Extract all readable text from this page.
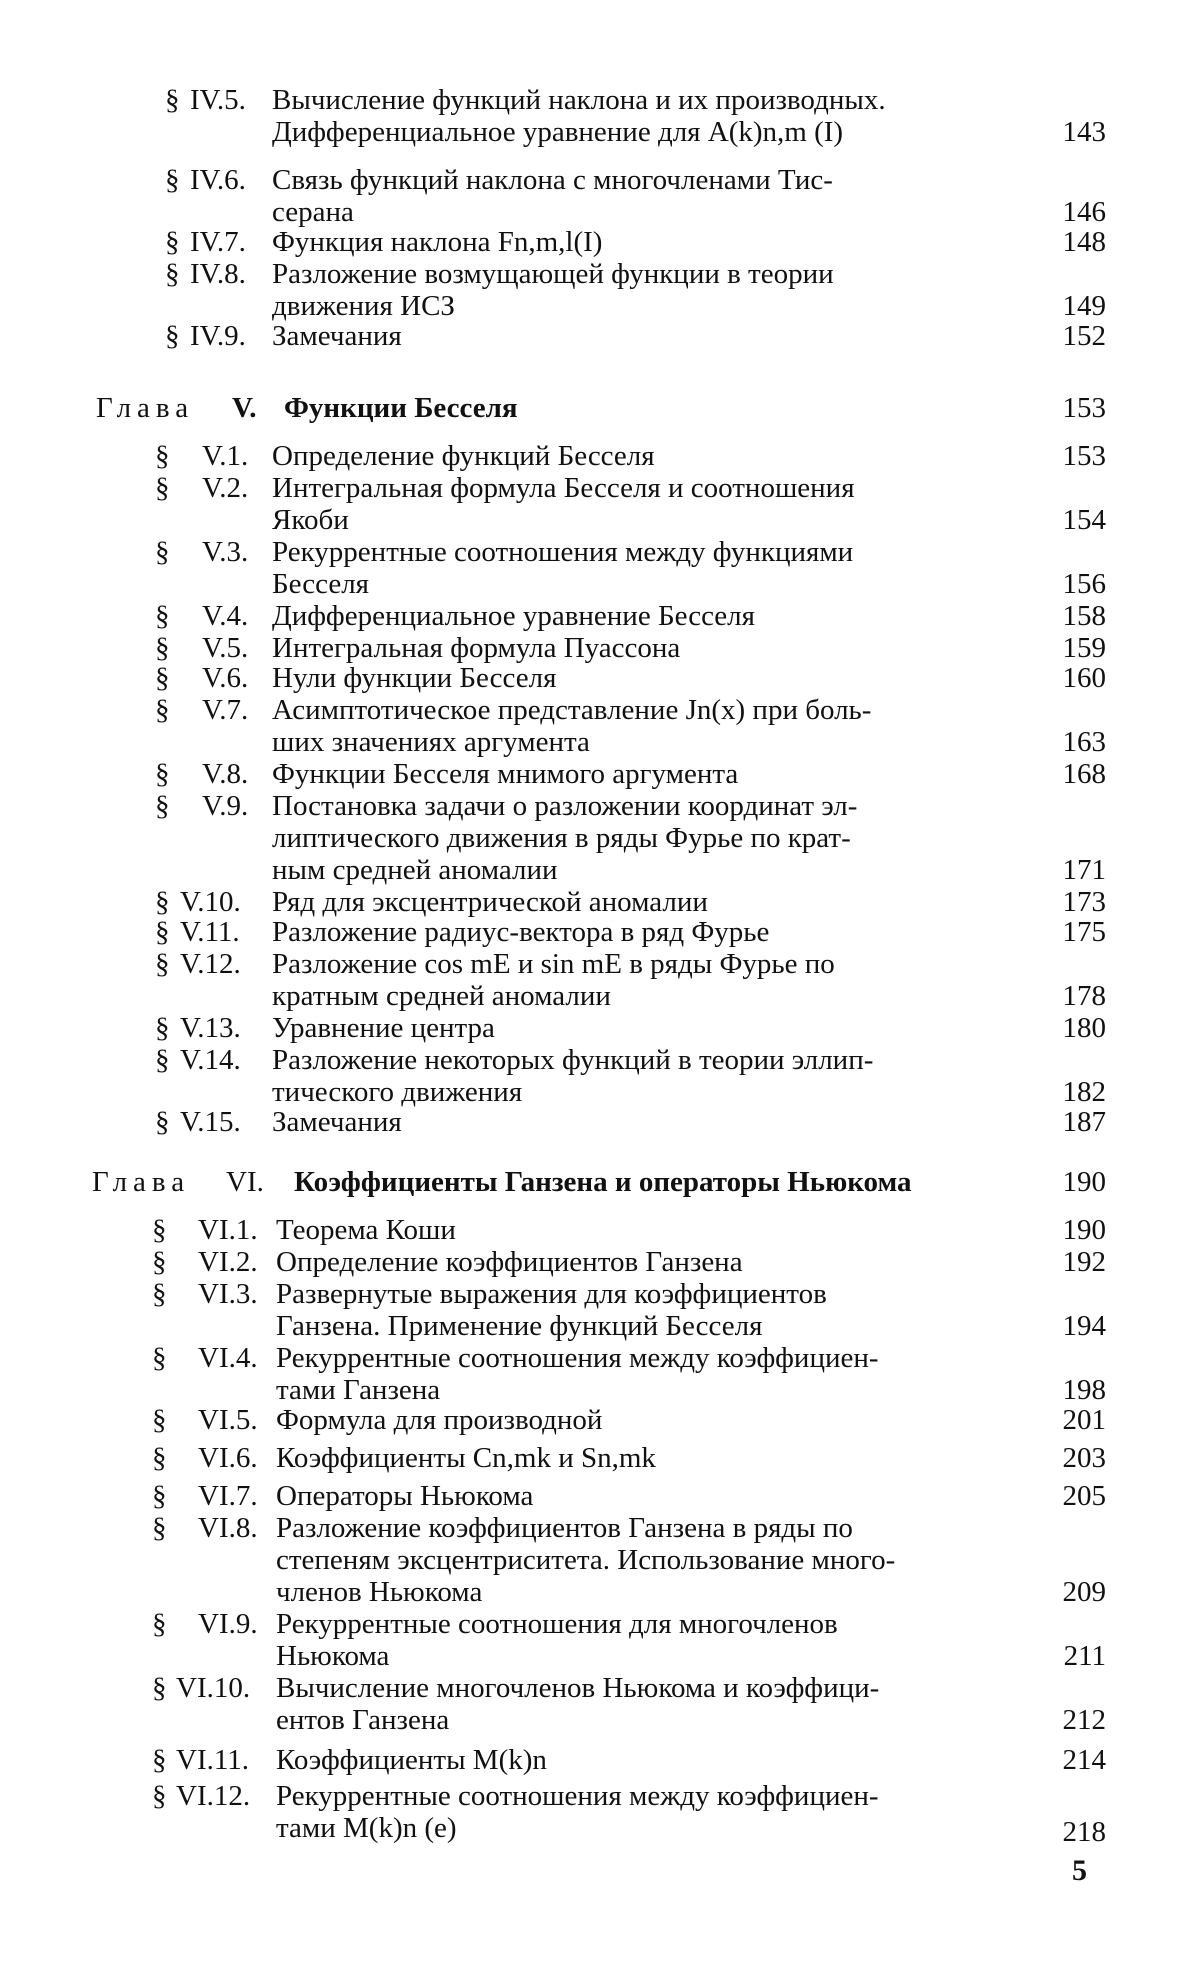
§ IV.5. Вычисление функций наклона и их производных.
Дифференциальное уравнение для A(k)n,m (I)	143
§ IV.6. Связь функций наклона с многочленами Тис-
серана	146
§ IV.7. Функция наклона Fn,m,l(I)	148
§ IV.8. Разложение возмущающей функции в теории
движения ИСЗ	149
§ IV.9. Замечания	152
Глава V. Функции Бесселя	153
§ V.1. Определение функций Бесселя	153
§ V.2. Интегральная формула Бесселя и соотношения
Якоби	154
§ V.3. Рекуррентные соотношения между функциями
Бесселя	156
§ V.4. Дифференциальное уравнение Бесселя	158
§ V.5. Интегральная формула Пуассона	159
§ V.6. Нули функции Бесселя	160
§ V.7. Асимптотическое представление Jn(x) при боль-
ших значениях аргумента	163
§ V.8. Функции Бесселя мнимого аргумента	168
§ V.9. Постановка задачи о разложении координат эл-
липтического движения в ряды Фурье по крат-
ным средней аномалии	171
§ V.10. Ряд для эксцентрической аномалии	173
§ V.11. Разложение радиус-вектора в ряд Фурье	175
§ V.12. Разложение cos mE и sin mE в ряды Фурье по
кратным средней аномалии	178
§ V.13. Уравнение центра	180
§ V.14. Разложение некоторых функций в теории эллип-
тического движения	182
§ V.15. Замечания	187
Глава VI. Коэффициенты Ганзена и операторы Ньюкома	190
§ VI.1. Теорема Коши	190
§ VI.2. Определение коэффициентов Ганзена	192
§ VI.3. Развернутые выражения для коэффициентов
Ганзена. Применение функций Бесселя	194
§ VI.4. Рекуррентные соотношения между коэффициен-
тами Ганзена	198
§ VI.5. Формула для производной	201
§ VI.6. Коэффициенты Cn,mk и Sn,mk	203
§ VI.7. Операторы Ньюкома	205
§ VI.8. Разложение коэффициентов Ганзена в ряды по
степеням эксцентриситета. Использование много-
членов Ньюкома	209
§ VI.9. Рекуррентные соотношения для многочленов
Ньюкома	211
§ VI.10. Вычисление многочленов Ньюкома и коэффици-
ентов Ганзена	212
§ VI.11. Коэффициенты M(k)n	214
§ VI.12. Рекуррентные соотношения между коэффициен-
тами M(k)n (e)	218
5
